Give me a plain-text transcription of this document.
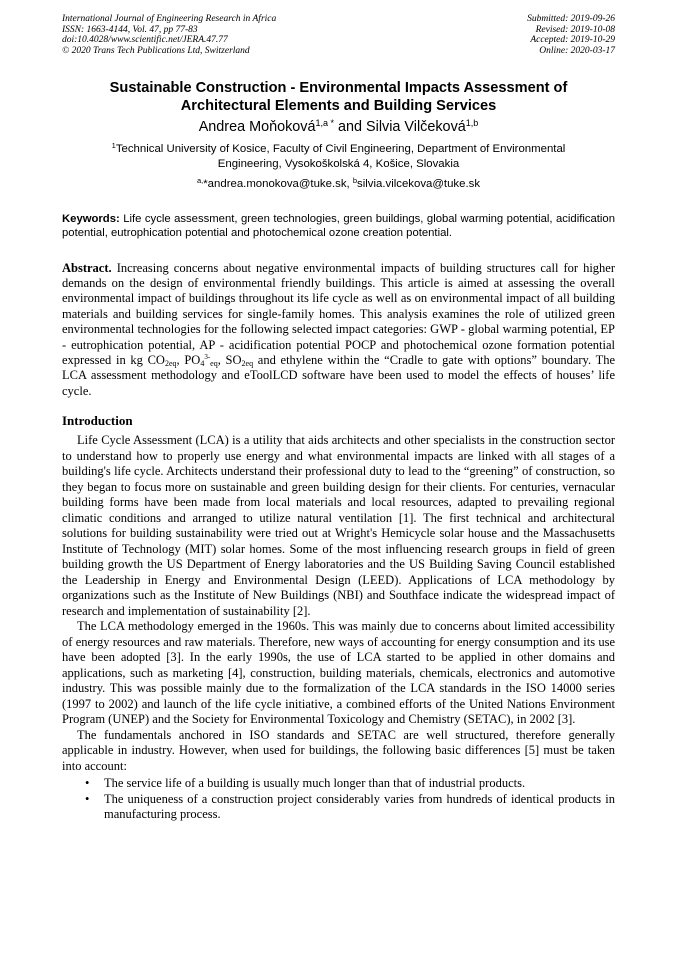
International Journal of Engineering Research in Africa
ISSN: 1663-4144, Vol. 47, pp 77-83
doi:10.4028/www.scientific.net/JERA.47.77
© 2020 Trans Tech Publications Ltd, Switzerland
Submitted: 2019-09-26
Revised: 2019-10-08
Accepted: 2019-10-29
Online: 2020-03-17
Sustainable Construction - Environmental Impacts Assessment of
Architectural Elements and Building Services
Andrea Moňoková$^{1,a *}$ and Silvia Vilčeková$^{1,b}$
$^1$Technical University of Kosice, Faculty of Civil Engineering, Department of Environmental
Engineering, Vysokoškolská 4, Košice, Slovakia
$^{a,}$*andrea.monokova@tuke.sk, $^b$silvia.vilcekova@tuke.sk
Keywords: Life cycle assessment, green technologies, green buildings, global warming potential, acidification potential, eutrophication potential and photochemical ozone creation potential.
Abstract. Increasing concerns about negative environmental impacts of building structures call for higher demands on the design of environmental friendly buildings. This article is aimed at assessing the overall environmental impact of buildings throughout its life cycle as well as on environmental impact of all building materials and building services for single-family homes. This analysis examines the role of utilized green environmental technologies for the following selected impact categories: GWP - global warming potential, EP - eutrophication potential, AP - acidification potential POCP and photochemical ozone formation potential expressed in kg $CO_{2eq}$, $PO_4^{3-}_{eq}$, $SO_{2eq}$ and ethylene within the “Cradle to gate with options” boundary. The LCA assessment methodology and eToolLCD software have been used to model the effects of houses’ life cycle.
Introduction

Life Cycle Assessment (LCA) is a utility that aids architects and other specialists in the construction sector to understand how to properly use energy and what environmental impacts are linked with all stages of a building's life cycle. Architects understand their professional duty to lead to the “greening” of construction, so they began to focus more on sustainable and green building design for their clients. For centuries, vernacular building forms have been made from local materials and local resources, adapted to prevailing regional climatic conditions and arranged to utilize natural ventilation [1]. The first technical and architectural solutions for building sustainability were tried out at Wright's Hemicycle solar house and the Massachusetts Institute of Technology (MIT) solar homes. Some of the most influencing research groups in field of green building growth the US Department of Energy laboratories and the US Building Saving Council established the Leadership in Energy and Environmental Design (LEED). Applications of LCA methodology by organizations such as the Institute of New Buildings (NBI) and Southface indicate the widespread impact of research and implementation of sustainability [2].

The LCA methodology emerged in the 1960s. This was mainly due to concerns about limited accessibility of energy resources and raw materials. Therefore, new ways of accounting for energy consumption and its use have been adopted [3]. In the early 1990s, the use of LCA started to be applied in other domains and applications, such as marketing [4], construction, building materials, chemicals, electronics and automotive industry. This was possible mainly due to the formalization of the LCA standards in the ISO 14000 series (1997 to 2002) and launch of the life cycle initiative, a combined efforts of the United Nations Environment Program (UNEP) and the Society for Environmental Toxicology and Chemistry (SETAC), in 2002 [3].

The fundamentals anchored in ISO standards and SETAC are well structured, therefore generally applicable in industry. However, when used for buildings, the following basic differences [5] must be taken into account:

• The service life of a building is usually much longer than that of industrial products.
• The uniqueness of a construction project considerably varies from hundreds of identical products in manufacturing process.
